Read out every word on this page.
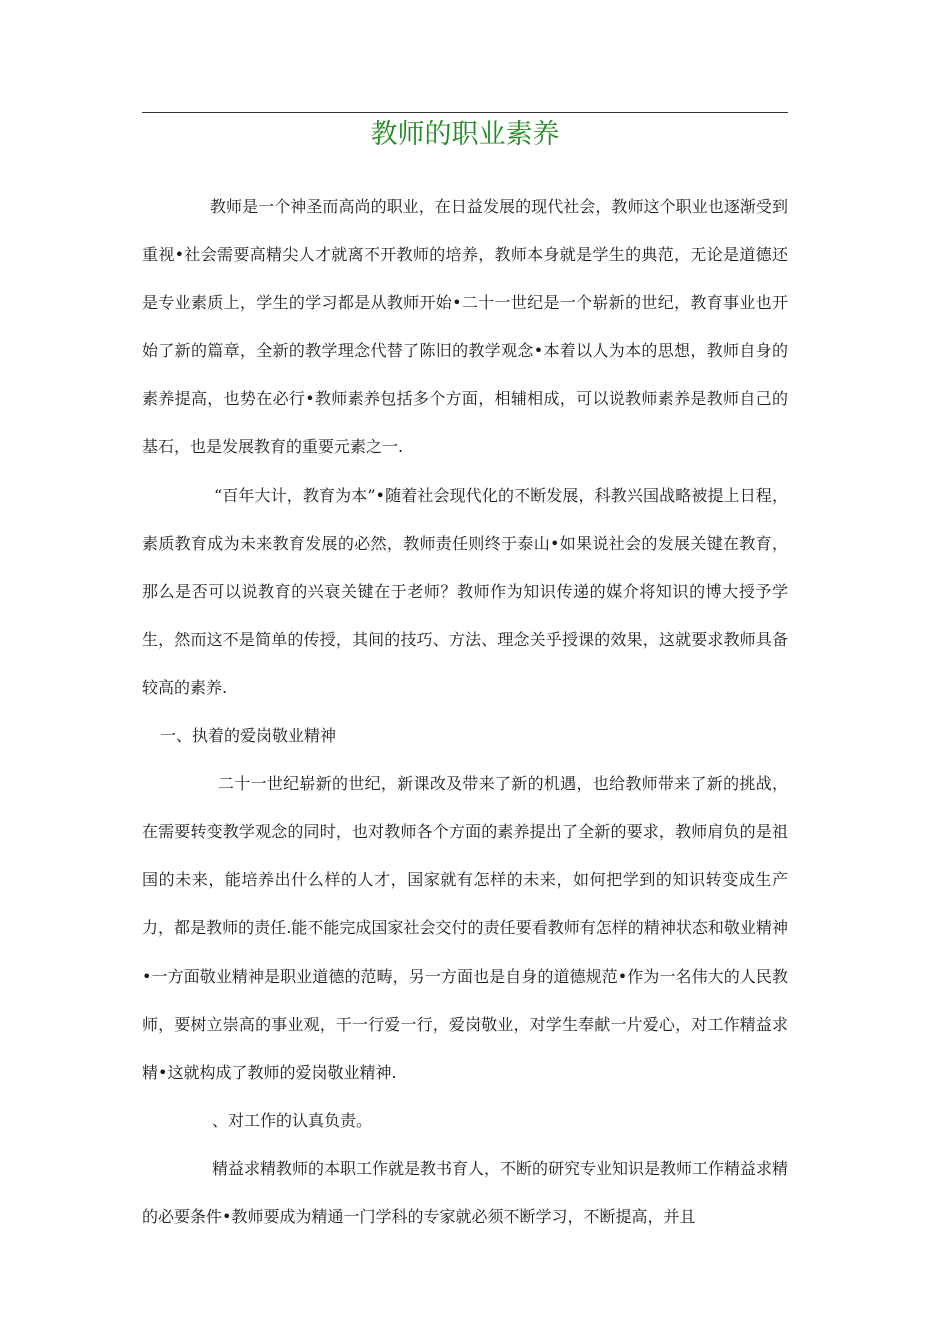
教师的职业素养

教师是一个神圣而高尚的职业，在日益发展的现代社会，教师这个职业也逐渐受到重视•社会需要高精尖人才就离不开教师的培养，教师本身就是学生的典范，无论是道德还是专业素质上，学生的学习都是从教师开始•二十一世纪是一个崭新的世纪，教育事业也开始了新的篇章，全新的教学理念代替了陈旧的教学观念•本着以人为本的思想，教师自身的素养提高，也势在必行•教师素养包括多个方面，相辅相成，可以说教师素养是教师自己的基石，也是发展教育的重要元素之一.

“百年大计，教育为本”•随着社会现代化的不断发展，科教兴国战略被提上日程，素质教育成为未来教育发展的必然，教师责任则终于泰山•如果说社会的发展关键在教育，那么是否可以说教育的兴衰关键在于老师？教师作为知识传递的媒介将知识的博大授予学生，然而这不是简单的传授，其间的技巧、方法、理念关乎授课的效果，这就要求教师具备较高的素养.

一、执着的爱岗敬业精神

二十一世纪崭新的世纪，新课改及带来了新的机遇，也给教师带来了新的挑战，在需要转变教学观念的同时，也对教师各个方面的素养提出了全新的要求，教师肩负的是祖国的未来，能培养出什么样的人才，国家就有怎样的未来，如何把学到的知识转变成生产力，都是教师的责任.能不能完成国家社会交付的责任要看教师有怎样的精神状态和敬业精神•一方面敬业精神是职业道德的范畴，另一方面也是自身的道德规范•作为一名伟大的人民教师，要树立崇高的事业观，干一行爱一行，爱岗敬业，对学生奉献一片爱心，对工作精益求精•这就构成了教师的爱岗敬业精神.

、对工作的认真负责。

精益求精教师的本职工作就是教书育人，不断的研究专业知识是教师工作精益求精的必要条件•教师要成为精通一门学科的专家就必须不断学习，不断提高，并且
